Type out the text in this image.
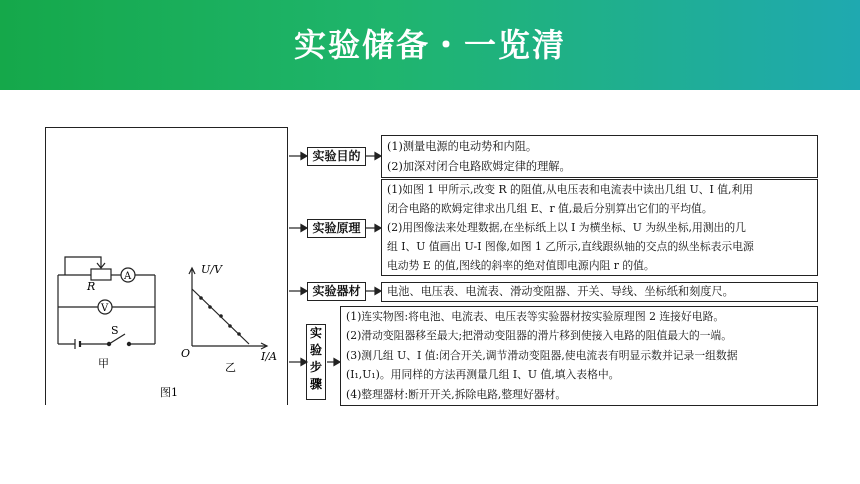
实验储备・一览清
A
V
R
S
甲
U/V
I/A
O
乙
图1
实验目的
实验原理
实验器材
实
验
步
骤
(1)测量电源的电动势和内阻。
(2)加深对闭合电路欧姆定律的理解。
(1)如图 1 甲所示,改变 R 的阻值,从电压表和电流表中读出几组 U、I 值,利用
闭合电路的欧姆定律求出几组 E、r 值,最后分别算出它们的平均值。
(2)用图像法来处理数据,在坐标纸上以 I 为横坐标、U 为纵坐标,用测出的几
组 I、U 值画出 U-I 图像,如图 1 乙所示,直线跟纵轴的交点的纵坐标表示电源
电动势 E 的值,图线的斜率的绝对值即电源内阻 r 的值。
电池、电压表、电流表、滑动变阻器、开关、导线、坐标纸和刻度尺。
(1)连实物图:将电池、电流表、电压表等实验器材按实验原理图 2 连接好电路。
(2)滑动变阻器移至最大;把滑动变阻器的滑片移到使接入电路的阻值最大的一端。
(3)测几组 U、I 值:闭合开关,调节滑动变阻器,使电流表有明显示数并记录一组数据
(I₁,U₁)。用同样的方法再测量几组 I、U 值,填入表格中。
(4)整理器材:断开开关,拆除电路,整理好器材。
